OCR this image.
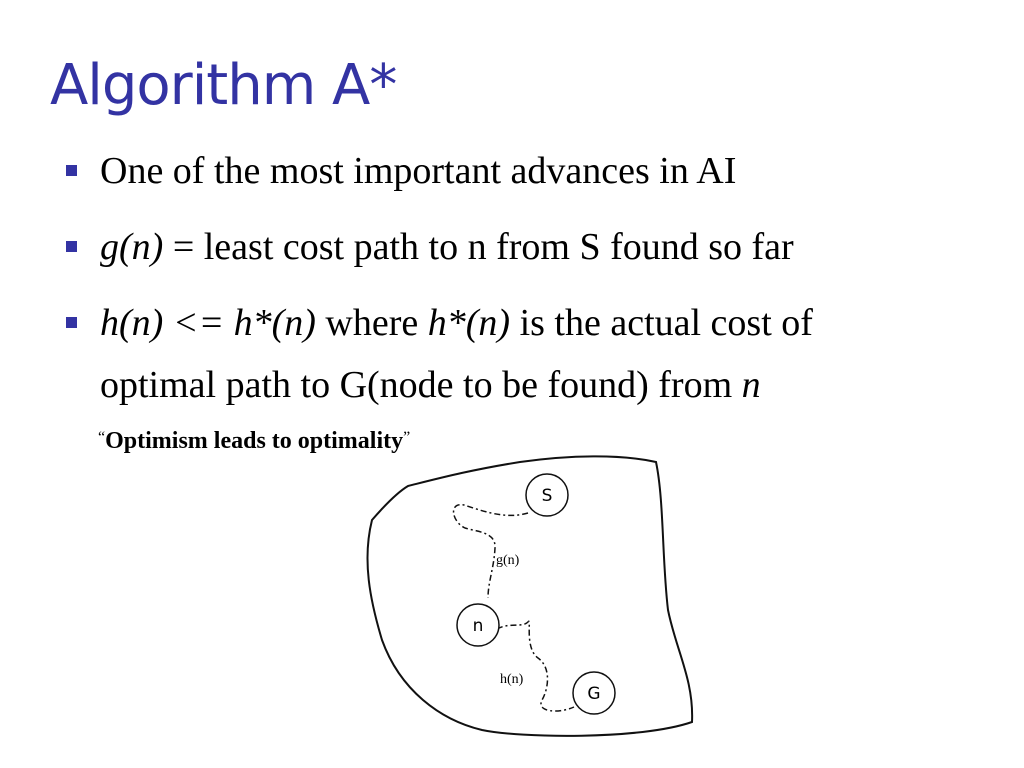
Algorithm A*
One of the most important advances in AI
g(n) = least cost path to n from S found so far
h(n) <= h*(n) where h*(n) is the actual cost of
optimal path to G(node to be found) from n
“Optimism leads to optimality”
S
n
G
g(n)
h(n)
